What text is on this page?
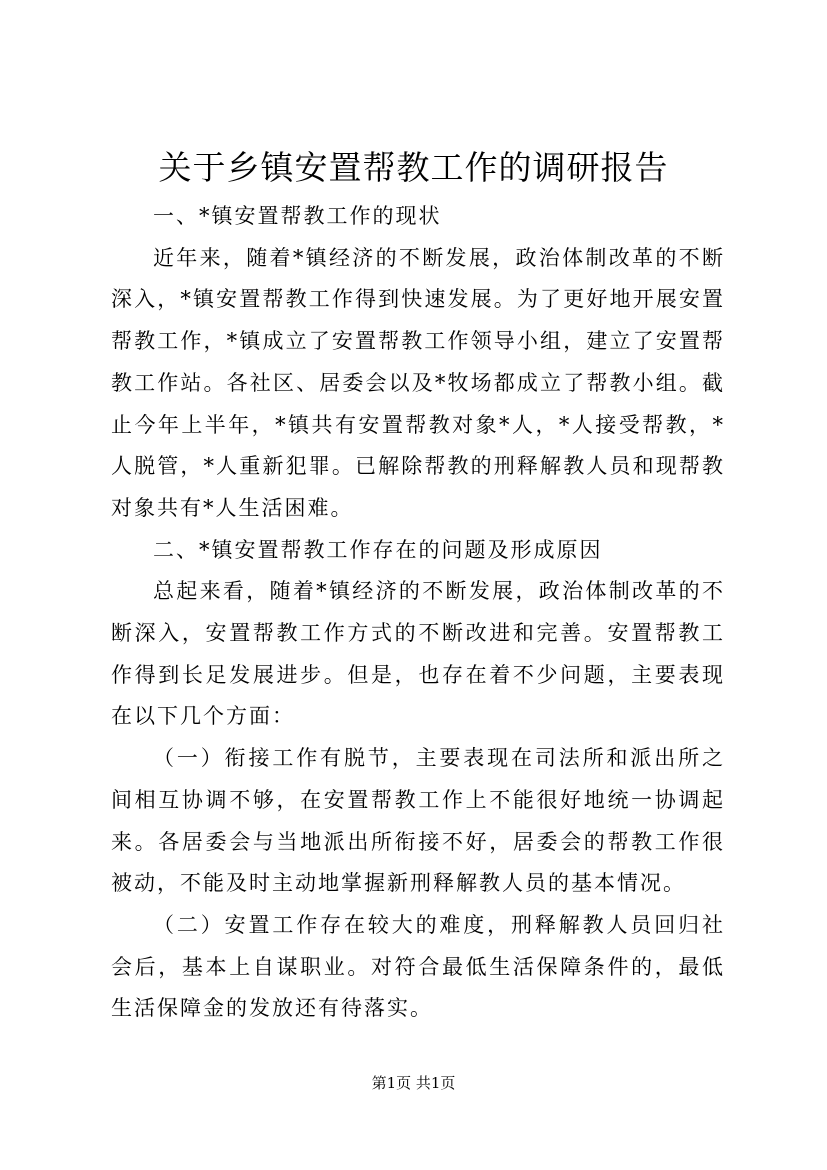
关于乡镇安置帮教工作的调研报告

一、*镇安置帮教工作的现状

近年来，随着*镇经济的不断发展，政治体制改革的不断深入，*镇安置帮教工作得到快速发展。为了更好地开展安置帮教工作，*镇成立了安置帮教工作领导小组，建立了安置帮教工作站。各社区、居委会以及*牧场都成立了帮教小组。截止今年上半年，*镇共有安置帮教对象*人，*人接受帮教，*人脱管，*人重新犯罪。已解除帮教的刑释解教人员和现帮教对象共有*人生活困难。

二、*镇安置帮教工作存在的问题及形成原因

总起来看，随着*镇经济的不断发展，政治体制改革的不断深入，安置帮教工作方式的不断改进和完善。安置帮教工作得到长足发展进步。但是，也存在着不少问题，主要表现在以下几个方面：

（一）衔接工作有脱节，主要表现在司法所和派出所之间相互协调不够，在安置帮教工作上不能很好地统一协调起来。各居委会与当地派出所衔接不好，居委会的帮教工作很被动，不能及时主动地掌握新刑释解教人员的基本情况。

（二）安置工作存在较大的难度，刑释解教人员回归社会后，基本上自谋职业。对符合最低生活保障条件的，最低生活保障金的发放还有待落实。

第1页 共1页
